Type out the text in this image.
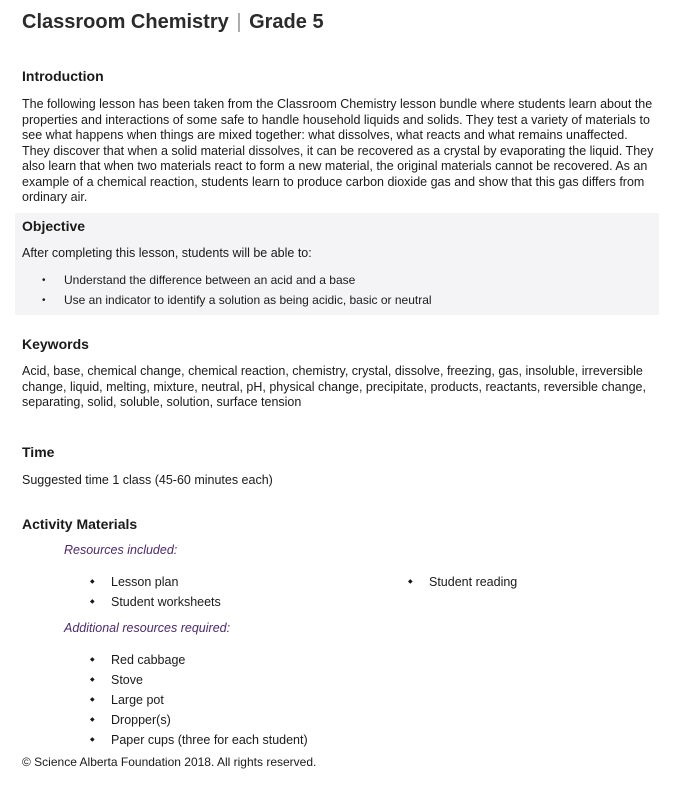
Classroom Chemistry | Grade 5
Introduction

The following lesson has been taken from the Classroom Chemistry lesson bundle where students learn about the properties and interactions of some safe to handle household liquids and solids. They test a variety of materials to see what happens when things are mixed together: what dissolves, what reacts and what remains unaffected. They discover that when a solid material dissolves, it can be recovered as a crystal by evaporating the liquid. They also learn that when two materials react to form a new material, the original materials cannot be recovered. As an example of a chemical reaction, students learn to produce carbon dioxide gas and show that this gas differs from ordinary air.

Objective

After completing this lesson, students will be able to:

• Understand the difference between an acid and a base
• Use an indicator to identify a solution as being acidic, basic or neutral
Keywords

Acid, base, chemical change, chemical reaction, chemistry, crystal, dissolve, freezing, gas, insoluble, irreversible change, liquid, melting, mixture, neutral, pH, physical change, precipitate, products, reactants, reversible change, separating, solid, soluble, solution, surface tension

Time

Suggested time 1 class (45-60 minutes each)

Activity Materials
Resources included:
◆ Lesson plan
◆ Student worksheets
◆ Student reading
Additional resources required:
◆ Red cabbage
◆ Stove
◆ Large pot
◆ Dropper(s)
◆ Paper cups (three for each student)
© Science Alberta Foundation 2018. All rights reserved.
